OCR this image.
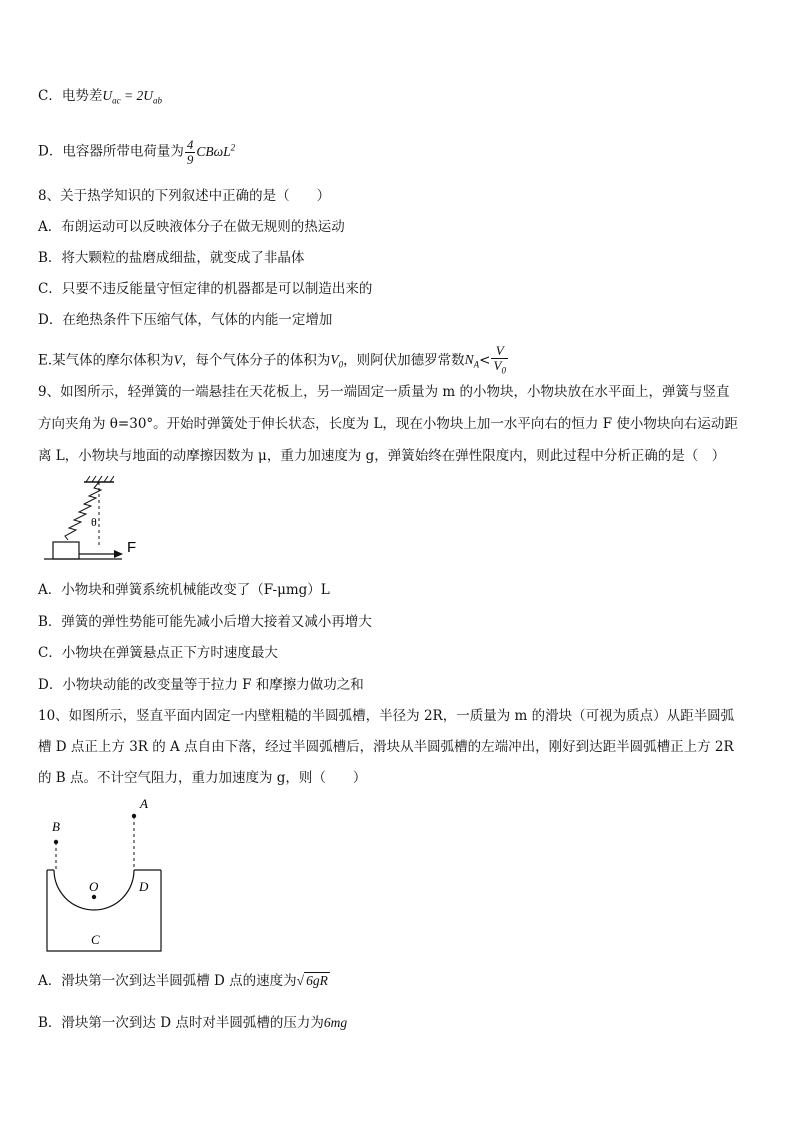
C．电势差$U_{ac} = 2U_{ab}$
D．电容器所带电荷量为 $\frac{4}{9} CB\omega L^2$
8、关于热学知识的下列叙述中正确的是（　　）
A．布朗运动可以反映液体分子在做无规则的热运动
B．将大颗粒的盐磨成细盐，就变成了非晶体
C．只要不违反能量守恒定律的机器都是可以制造出来的
D．在绝热条件下压缩气体，气体的内能一定增加
E.某气体的摩尔体积为V，每个气体分子的体积为$V_0$，则阿伏加德罗常数$N_A< \frac{V}{V_0}$
9、如图所示，轻弹簧的一端悬挂在天花板上，另一端固定一质量为 m 的小物块，小物块放在水平面上，弹簧与竖直
方向夹角为 θ=30°。开始时弹簧处于伸长状态，长度为 L，现在小物块上加一水平向右的恒力 F 使小物块向右运动距
离 L，小物块与地面的动摩擦因数为 μ，重力加速度为 g，弹簧始终在弹性限度内，则此过程中分析正确的是（　）
θ
F
A．小物块和弹簧系统机械能改变了（F-μmg）L
B．弹簧的弹性势能可能先减小后增大接着又减小再增大
C．小物块在弹簧悬点正下方时速度最大
D．小物块动能的改变量等于拉力 F 和摩擦力做功之和
10、如图所示，竖直平面内固定一内壁粗糙的半圆弧槽，半径为 2R，一质量为 m 的滑块（可视为质点）从距半圆弧
槽 D 点正上方 3R 的 A 点自由下落，经过半圆弧槽后，滑块从半圆弧槽的左端冲出，刚好到达距半圆弧槽正上方 2R
的 B 点。不计空气阻力，重力加速度为 g，则（　　）
B
A
O	D
C
A．滑块第一次到达半圆弧槽 D 点的速度为√ 6gR
B．滑块第一次到达 D 点时对半圆弧槽的压力为6mg
